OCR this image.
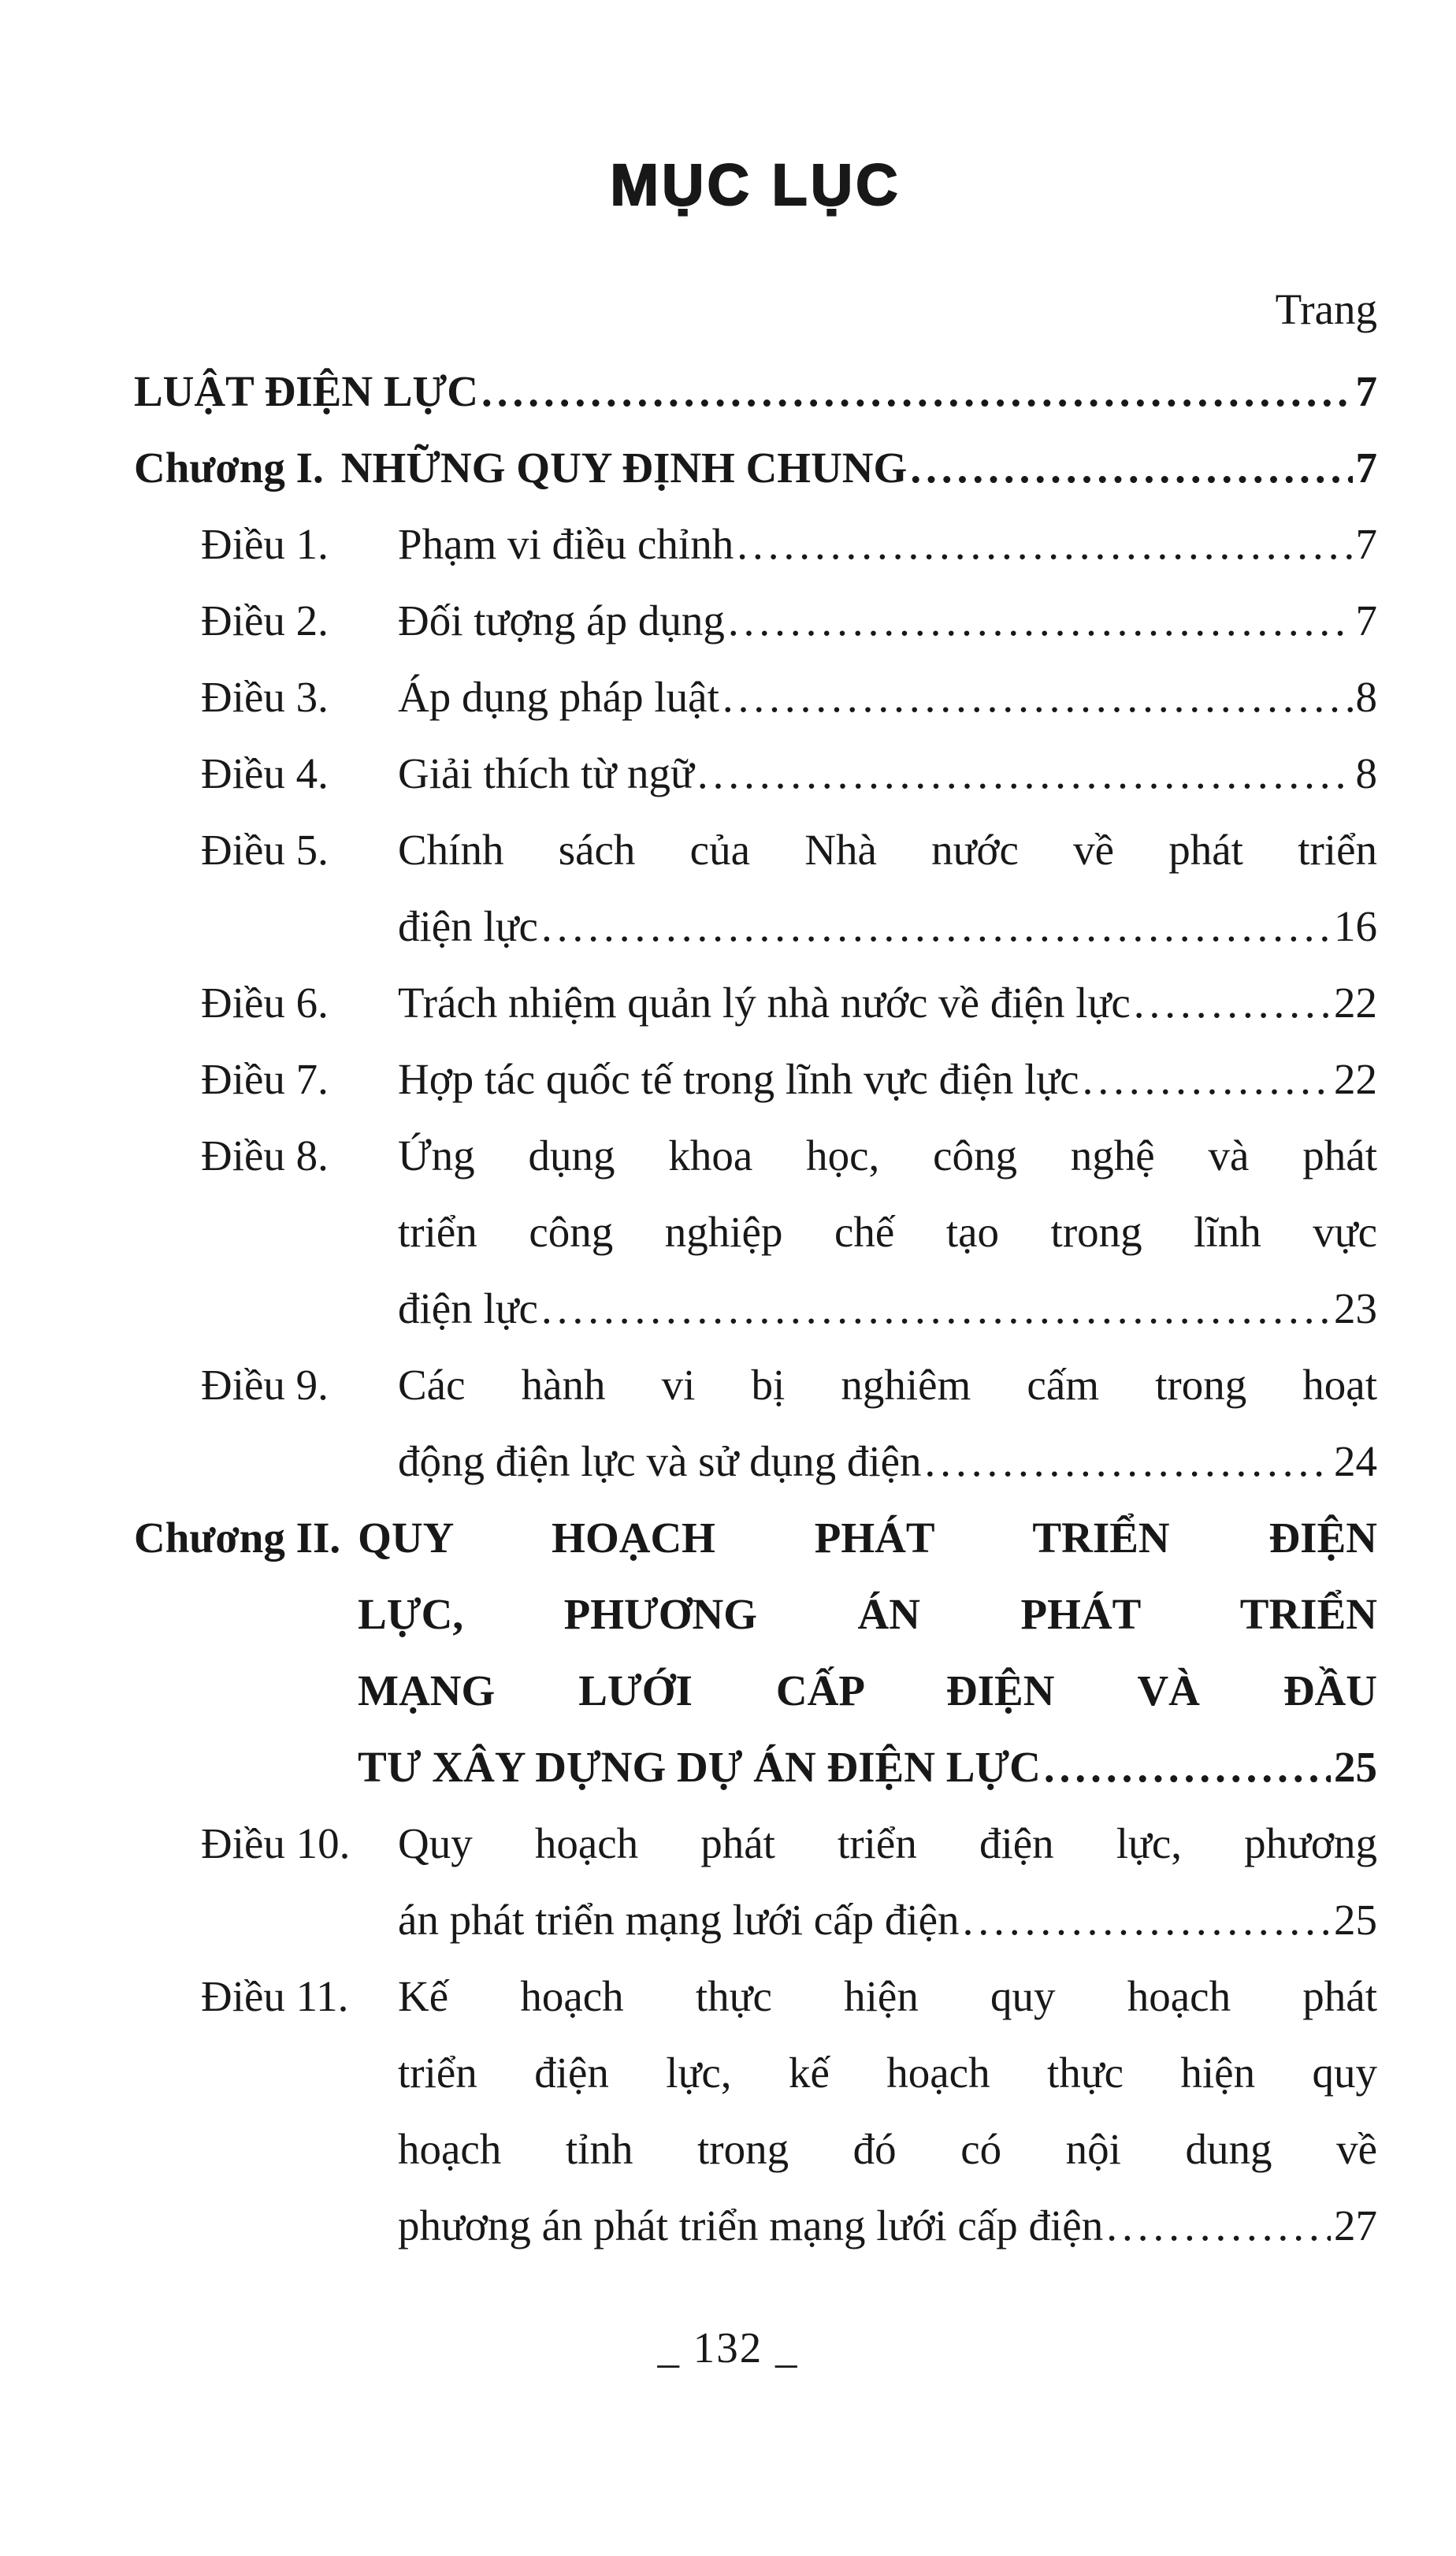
MỤC LỤC
Trang
LUẬT ĐIỆN LỰC .....	7
Chương I. NHỮNG QUY ĐỊNH CHUNG .....	7
Điều 1.	Phạm vi điều chỉnh .....	7
Điều 2.	Đối tượng áp dụng .....	7
Điều 3.	Áp dụng pháp luật .....	8
Điều 4.	Giải thích từ ngữ .....	8
Điều 5.	Chính sách của Nhà nước về phát triển
điện lực .....	16
Điều 6.	Trách nhiệm quản lý nhà nước về điện lực .....	22
Điều 7.	Hợp tác quốc tế trong lĩnh vực điện lực .....	22
Điều 8.	Ứng dụng khoa học, công nghệ và phát
triển công nghiệp chế tạo trong lĩnh vực
điện lực .....	23
Điều 9.	Các hành vi bị nghiêm cấm trong hoạt
động điện lực và sử dụng điện .....	24
Chương II. QUY HOẠCH PHÁT TRIỂN ĐIỆN
LỰC, PHƯƠNG ÁN PHÁT TRIỂN
MẠNG LƯỚI CẤP ĐIỆN VÀ ĐẦU
TƯ XÂY DỰNG DỰ ÁN ĐIỆN LỰC .....	25
Điều 10.	Quy hoạch phát triển điện lực, phương
án phát triển mạng lưới cấp điện .....	25
Điều 11.	Kế hoạch thực hiện quy hoạch phát
triển điện lực, kế hoạch thực hiện quy
hoạch tỉnh trong đó có nội dung về
phương án phát triển mạng lưới cấp điện .....	27
_ 132 _
